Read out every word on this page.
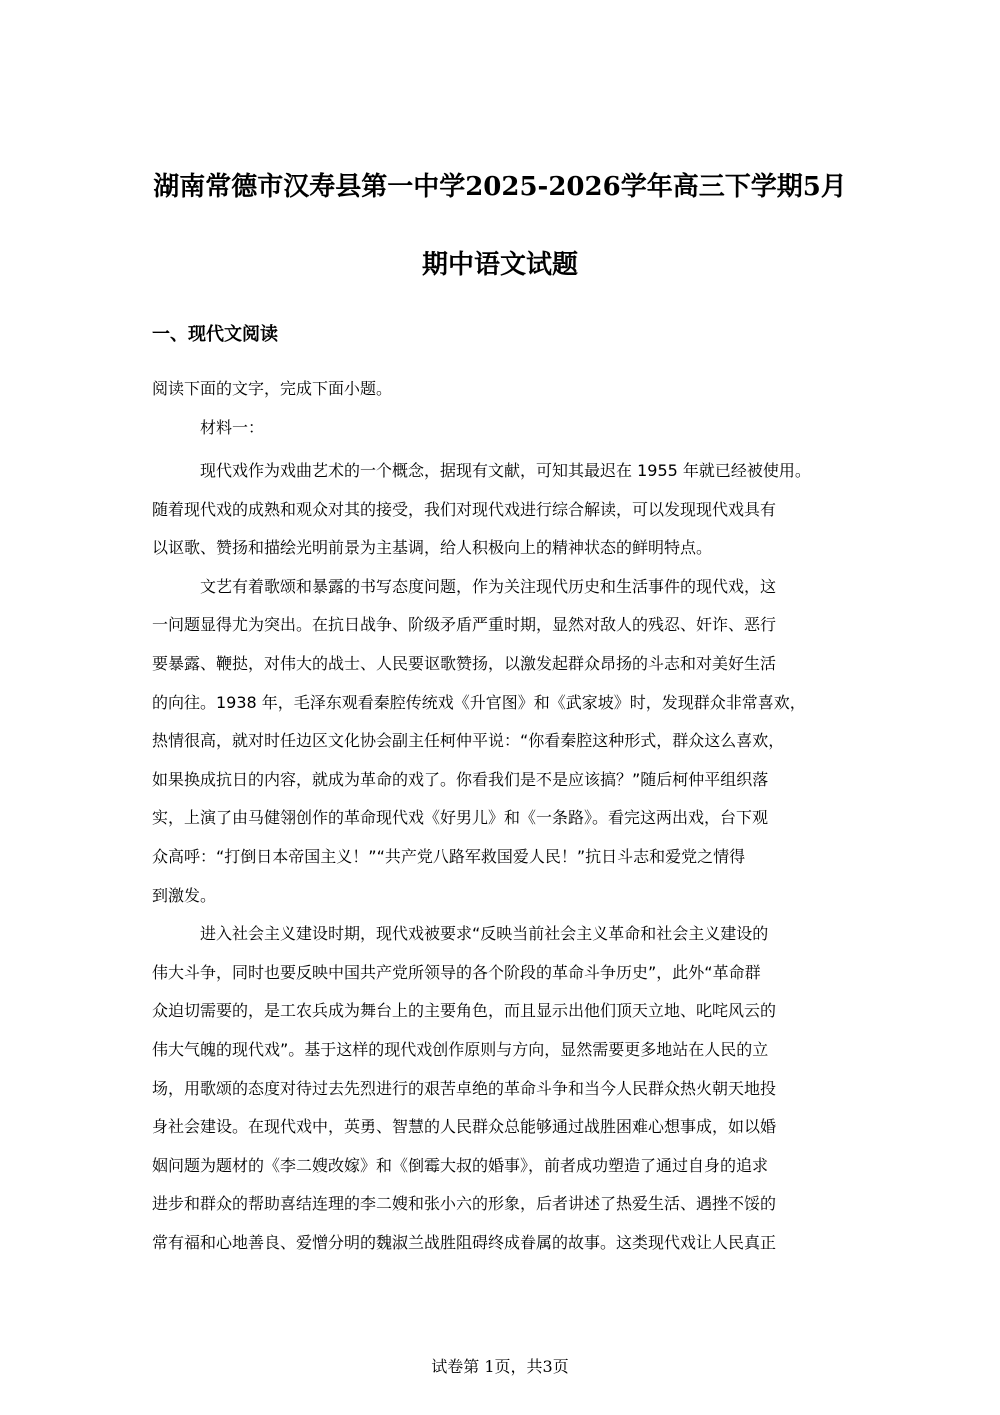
湖南常德市汉寿县第一中学2025-2026学年高三下学期5月
期中语文试题
一、现代文阅读

阅读下面的文字，完成下面小题。

材料一：

现代戏作为戏曲艺术的一个概念，据现有文献，可知其最迟在 1955 年就已经被使用。
随着现代戏的成熟和观众对其的接受，我们对现代戏进行综合解读，可以发现现代戏具有
以讴歌、赞扬和描绘光明前景为主基调，给人积极向上的精神状态的鲜明特点。

文艺有着歌颂和暴露的书写态度问题，作为关注现代历史和生活事件的现代戏，这
一问题显得尤为突出。在抗日战争、阶级矛盾严重时期，显然对敌人的残忍、奸诈、恶行
要暴露、鞭挞，对伟大的战士、人民要讴歌赞扬，以激发起群众昂扬的斗志和对美好生活
的向往。1938 年，毛泽东观看秦腔传统戏《升官图》和《武家坡》时，发现群众非常喜欢，
热情很高，就对时任边区文化协会副主任柯仲平说：“你看秦腔这种形式，群众这么喜欢，
如果换成抗日的内容，就成为革命的戏了。你看我们是不是应该搞？”随后柯仲平组织落
实，上演了由马健翎创作的革命现代戏《好男儿》和《一条路》。看完这两出戏，台下观
众高呼：“打倒日本帝国主义！”“共产党八路军救国爱人民！”抗日斗志和爱党之情得
到激发。

进入社会主义建设时期，现代戏被要求“反映当前社会主义革命和社会主义建设的
伟大斗争，同时也要反映中国共产党所领导的各个阶段的革命斗争历史”，此外“革命群
众迫切需要的，是工农兵成为舞台上的主要角色，而且显示出他们顶天立地、叱咤风云的
伟大气魄的现代戏”。基于这样的现代戏创作原则与方向，显然需要更多地站在人民的立
场，用歌颂的态度对待过去先烈进行的艰苦卓绝的革命斗争和当今人民群众热火朝天地投
身社会建设。在现代戏中，英勇、智慧的人民群众总能够通过战胜困难心想事成，如以婚
姻问题为题材的《李二嫂改嫁》和《倒霉大叔的婚事》，前者成功塑造了通过自身的追求
进步和群众的帮助喜结连理的李二嫂和张小六的形象，后者讲述了热爱生活、遇挫不馁的
常有福和心地善良、爱憎分明的魏淑兰战胜阻碍终成眷属的故事。这类现代戏让人民真正

试卷第 1页，共3页
